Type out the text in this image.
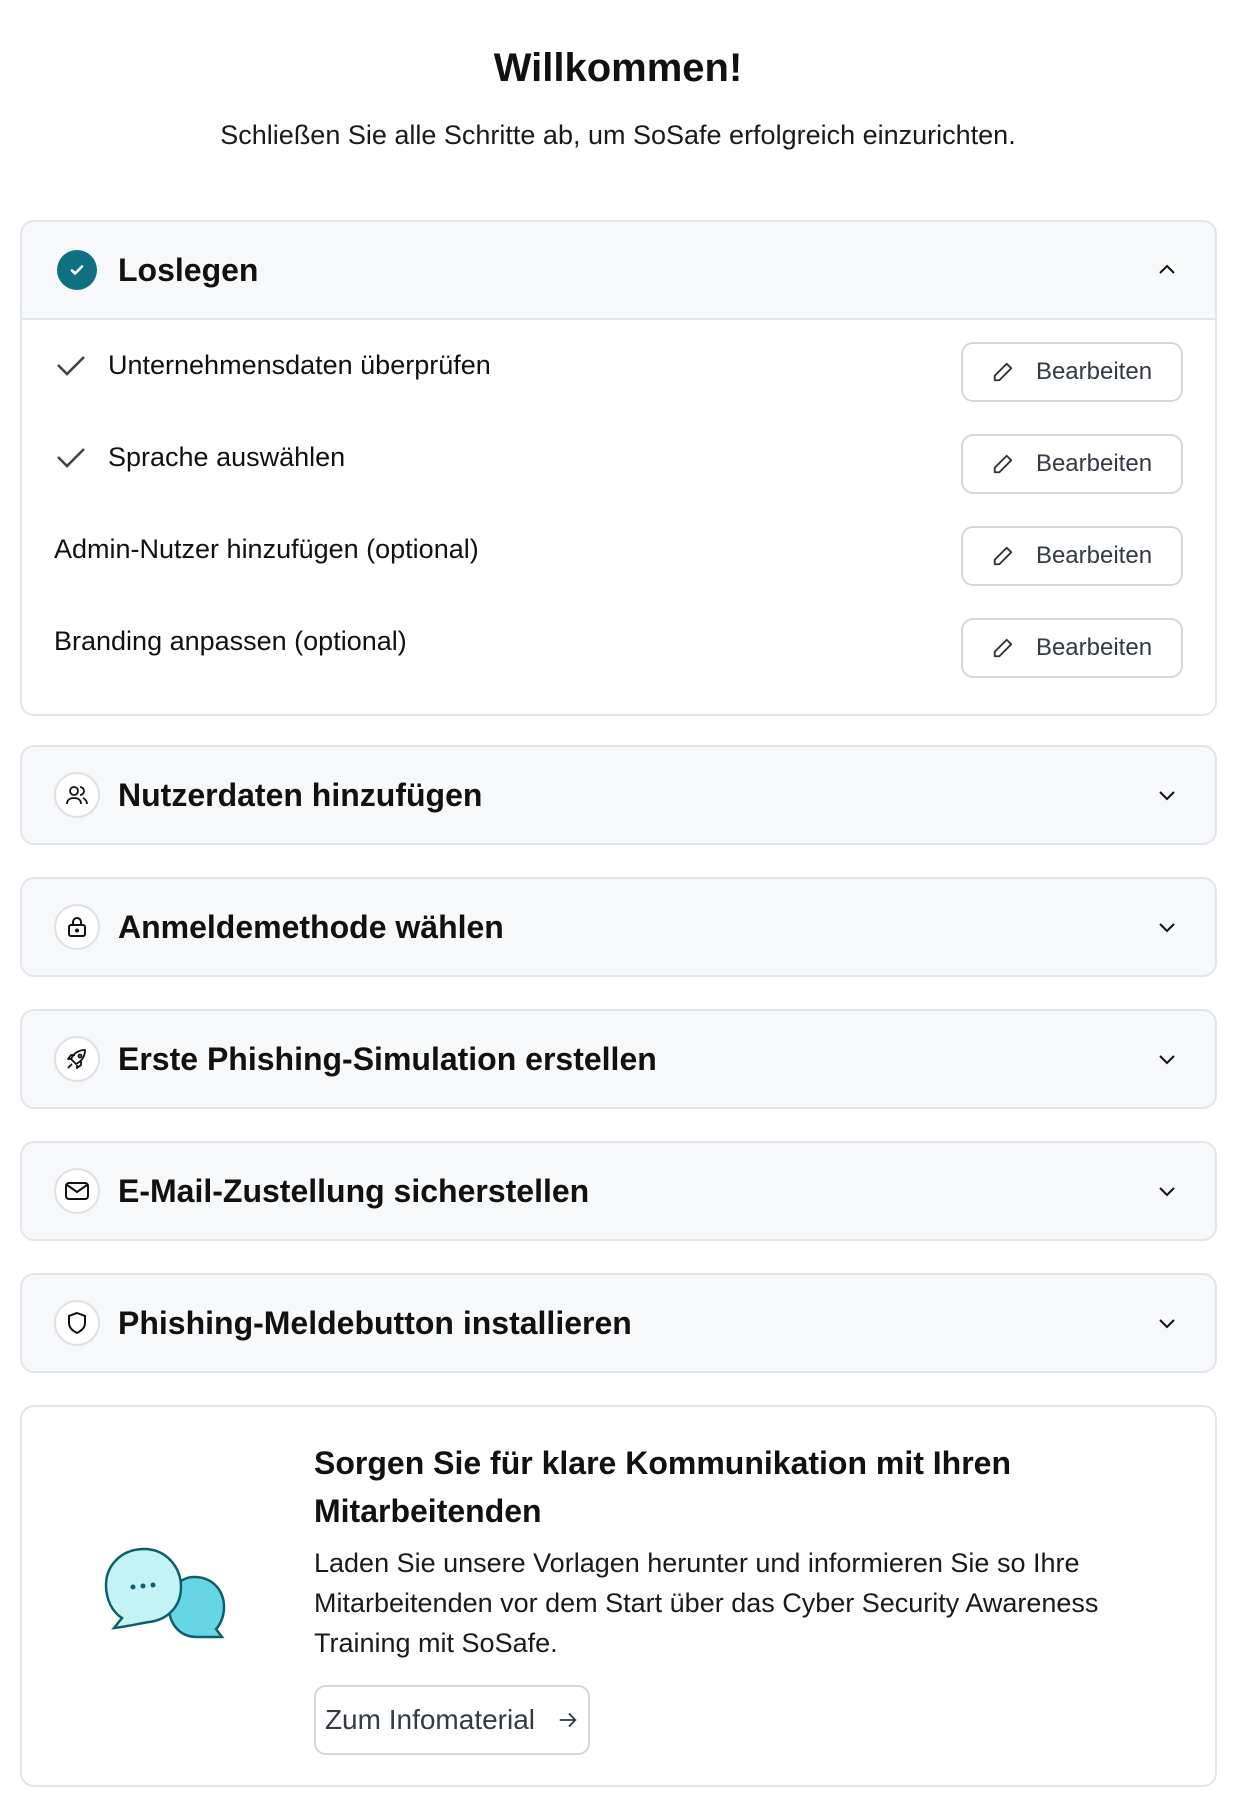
Willkommen!
Schließen Sie alle Schritte ab, um SoSafe erfolgreich einzurichten.
Loslegen
Unternehmensdaten überprüfen	Bearbeiten
Sprache auswählen	Bearbeiten
Admin-Nutzer hinzufügen (optional)	Bearbeiten
Branding anpassen (optional)	Bearbeiten
Nutzerdaten hinzufügen
Anmeldemethode wählen
Erste Phishing-Simulation erstellen
E-Mail-Zustellung sicherstellen
Phishing-Meldebutton installieren
Sorgen Sie für klare Kommunikation mit Ihren Mitarbeitenden

Laden Sie unsere Vorlagen herunter und informieren Sie so Ihre Mitarbeitenden vor dem Start über das Cyber Security Awareness Training mit SoSafe.

Zum Infomaterial
